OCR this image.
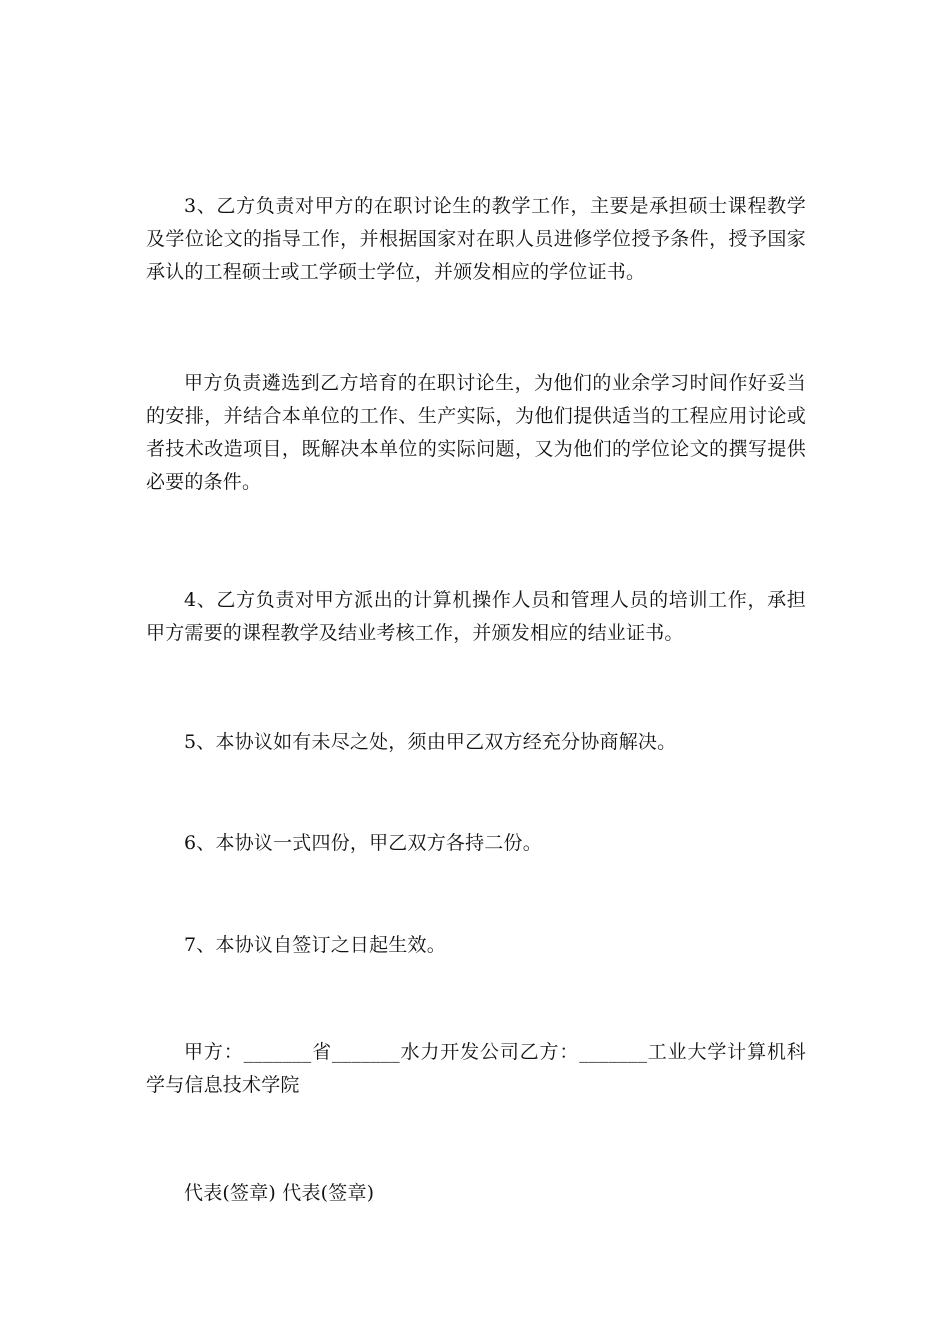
3、乙方负责对甲方的在职讨论生的教学工作，主要是承担硕士课程教学及学位论文的指导工作，并根据国家对在职人员进修学位授予条件，授予国家承认的工程硕士或工学硕士学位，并颁发相应的学位证书。

甲方负责遴选到乙方培育的在职讨论生，为他们的业余学习时间作好妥当的安排，并结合本单位的工作、生产实际，为他们提供适当的工程应用讨论或者技术改造项目，既解决本单位的实际问题，又为他们的学位论文的撰写提供必要的条件。

4、乙方负责对甲方派出的计算机操作人员和管理人员的培训工作，承担甲方需要的课程教学及结业考核工作，并颁发相应的结业证书。

5、本协议如有未尽之处，须由甲乙双方经充分协商解决。

6、本协议一式四份，甲乙双方各持二份。

7、本协议自签订之日起生效。

甲方：_______省_______水力开发公司乙方：_______工业大学计算机科学与信息技术学院

代表(签章) 代表(签章)
